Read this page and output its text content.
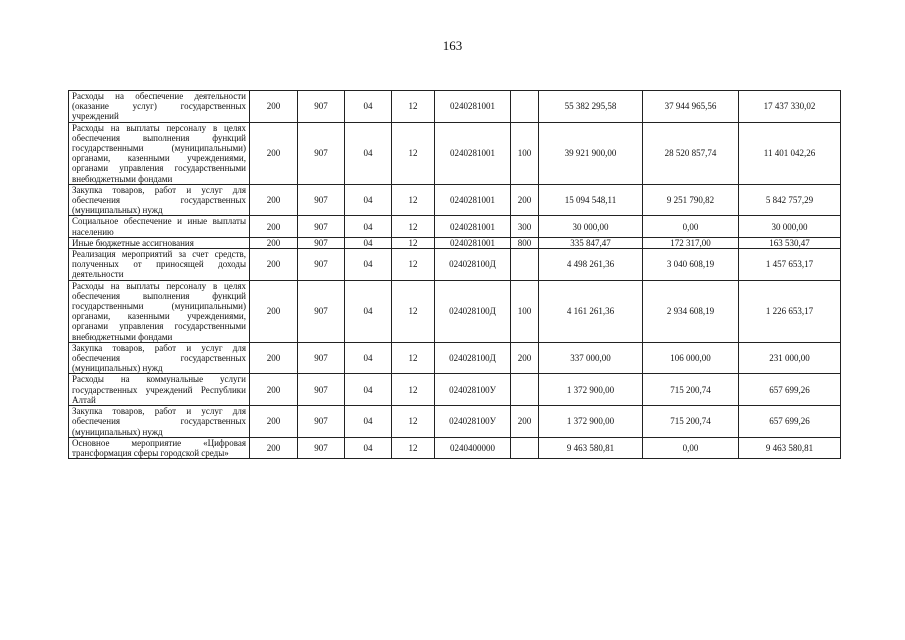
163
Расходы на обеспечение деятельности (оказание услуг) государственных учреждений	200	907	04	12	0240281001		55 382 295,58	37 944 965,56	17 437 330,02
Расходы на выплаты персоналу в целях обеспечения выполнения функций государственными (муниципальными) органами, казенными учреждениями, органами управления государственными внебюджетными фондами	200	907	04	12	0240281001	100	39 921 900,00	28 520 857,74	11 401 042,26
Закупка товаров, работ и услуг для обеспечения государственных (муниципальных) нужд	200	907	04	12	0240281001	200	15 094 548,11	9 251 790,82	5 842 757,29
Социальное обеспечение и иные выплаты населению	200	907	04	12	0240281001	300	30 000,00	0,00	30 000,00
Иные бюджетные ассигнования	200	907	04	12	0240281001	800	335 847,47	172 317,00	163 530,47
Реализация мероприятий за счет средств, полученных от приносящей доходы деятельности	200	907	04	12	024028100Д		4 498 261,36	3 040 608,19	1 457 653,17
Расходы на выплаты персоналу в целях обеспечения выполнения функций государственными (муниципальными) органами, казенными учреждениями, органами управления государственными внебюджетными фондами	200	907	04	12	024028100Д	100	4 161 261,36	2 934 608,19	1 226 653,17
Закупка товаров, работ и услуг для обеспечения государственных (муниципальных) нужд	200	907	04	12	024028100Д	200	337 000,00	106 000,00	231 000,00
Расходы на коммунальные услуги государственных учреждений Республики Алтай	200	907	04	12	024028100У		1 372 900,00	715 200,74	657 699,26
Закупка товаров, работ и услуг для обеспечения государственных (муниципальных) нужд	200	907	04	12	024028100У	200	1 372 900,00	715 200,74	657 699,26
Основное мероприятие «Цифровая трансформация сферы городской среды»	200	907	04	12	0240400000		9 463 580,81	0,00	9 463 580,81
